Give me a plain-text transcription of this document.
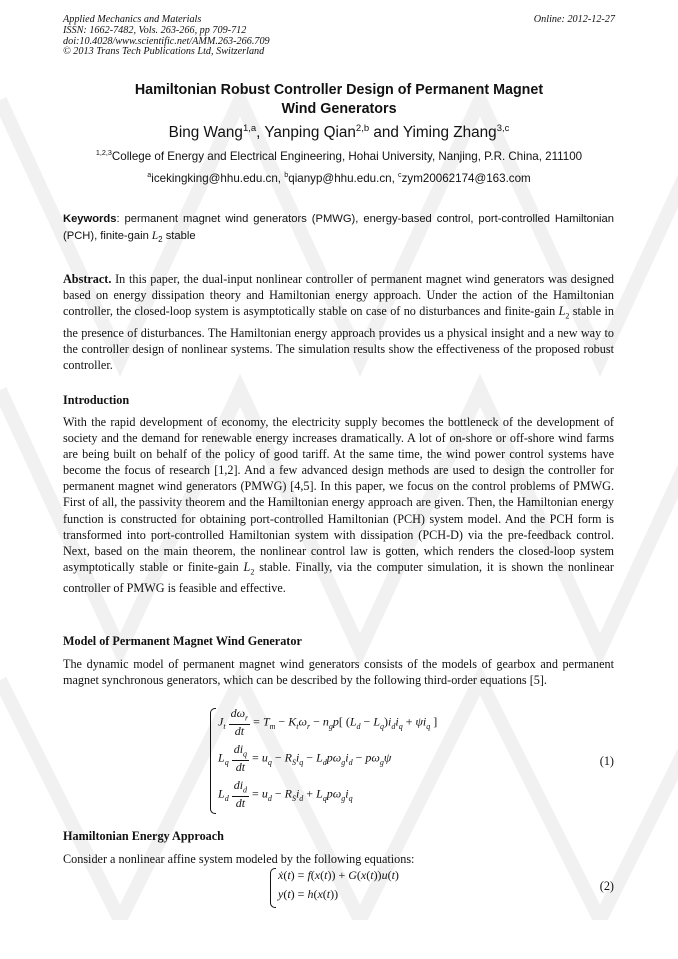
Applied Mechanics and Materials
ISSN: 1662-7482, Vols. 263-266, pp 709-712
doi:10.4028/www.scientific.net/AMM.263-266.709
© 2013 Trans Tech Publications Ltd, Switzerland
Online: 2012-12-27
Hamiltonian Robust Controller Design of Permanent Magnet
Wind Generators
Bing Wang$^{1,a}$, Yanping Qian$^{2,b}$ and Yiming Zhang$^{3,c}$
$^{1,2,3}$College of Energy and Electrical Engineering, Hohai University, Nanjing, P.R. China, 211100
$^a$icekingking@hhu.edu.cn, $^b$qianyp@hhu.edu.cn, $^c$zym20062174@163.com
Keywords: permanent magnet wind generators (PMWG), energy-based control, port-controlled Hamiltonian (PCH), finite-gain $L_2$ stable
Abstract. In this paper, the dual-input nonlinear controller of permanent magnet wind generators was designed based on energy dissipation theory and Hamiltonian energy approach. Under the action of the Hamiltonian controller, the closed-loop system is asymptotically stable on case of no disturbances and finite-gain $L_2$ stable in the presence of disturbances. The Hamiltonian energy approach provides us a physical insight and a new way to the controller design of nonlinear systems. The simulation results show the effectiveness of the proposed robust controller.
Introduction
With the rapid development of economy, the electricity supply becomes the bottleneck of the development of society and the demand for renewable energy increases dramatically. A lot of on-shore or off-shore wind farms are being built on behalf of the policy of good tariff. At the same time, the wind power control systems have become the focus of research [1,2]. And a few advanced design methods are used to design the controller for permanent magnet wind generators (PMWG) [4,5]. In this paper, we focus on the control problems of PMWG. First of all, the passivity theorem and the Hamiltonian energy approach are given. Then, the Hamiltonian energy function is constructed for obtaining port-controlled Hamiltonian (PCH) system model. And the PCH form is transformed into port-controlled Hamiltonian system with dissipation (PCH-D) via the pre-feedback control. Next, based on the main theorem, the nonlinear control law is gotten, which renders the closed-loop system asymptotically stable or finite-gain $L_2$ stable. Finally, via the computer simulation, it is shown the nonlinear controller of PMWG is feasible and effective.
Model of Permanent Magnet Wind Generator
The dynamic model of permanent magnet wind generators consists of the models of gearbox and permanent magnet synchronous generators, which can be described by the following third-order equations [5].
$J_t \frac{d\omega_r}{dt} = T_m - K_t\omega_r - n_gp$[ $(L_d - L_q)i_di_q + \psi i_q$ ]
$L_q \frac{di_q}{dt} = u_q - R_Si_q - L_dp\omega_gi_d - p\omega_g\psi$
$L_d \frac{di_d}{dt} = u_d - R_Si_d + L_qp\omega_gi_q$
(1)
Hamiltonian Energy Approach
Consider a nonlinear affine system modeled by the following equations:
ẋ(t) = f(x(t)) + G(x(t))u(t)
y(t) = h(x(t))
(2)
